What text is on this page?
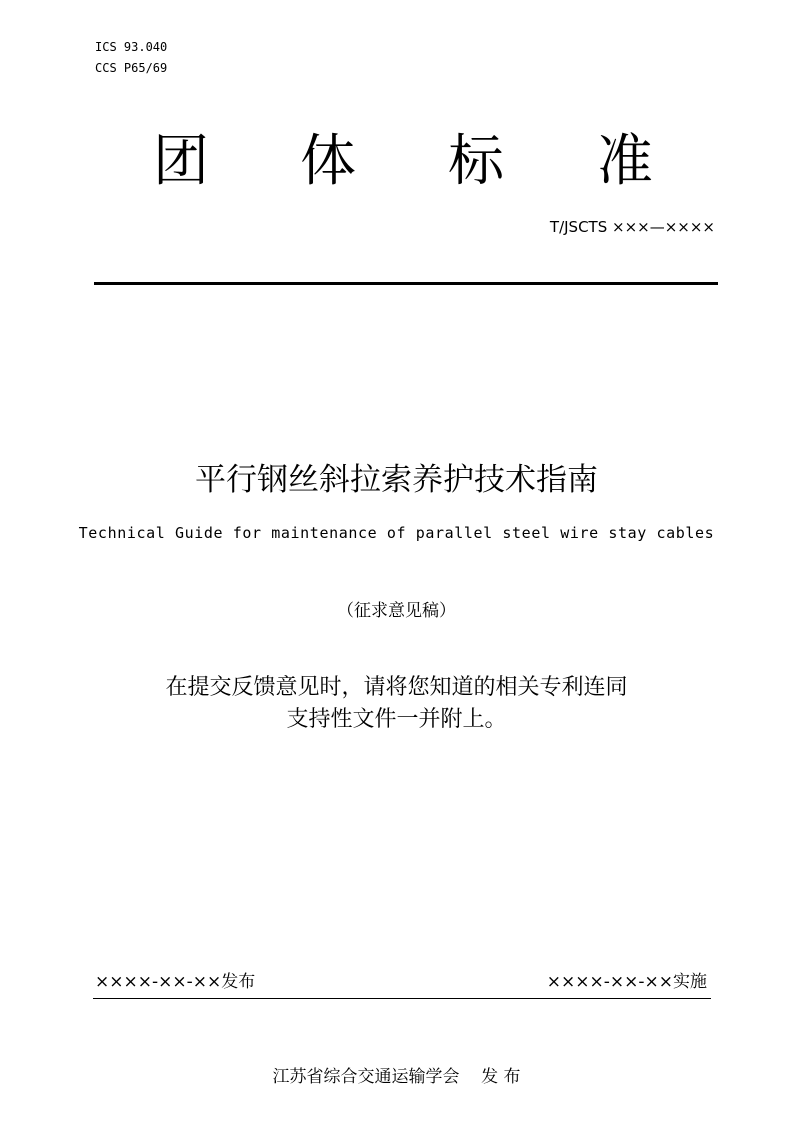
ICS 93.040
CCS P65/69
团 体 标 准
T/JSCTS ×××—××××
平行钢丝斜拉索养护技术指南
Technical Guide for maintenance of parallel steel wire stay cables
（征求意见稿）
在提交反馈意见时，请将您知道的相关专利连同
支持性文件一并附上。
××××-××-××发布	××××-××-××实施
江苏省综合交通运输学会    发 布
